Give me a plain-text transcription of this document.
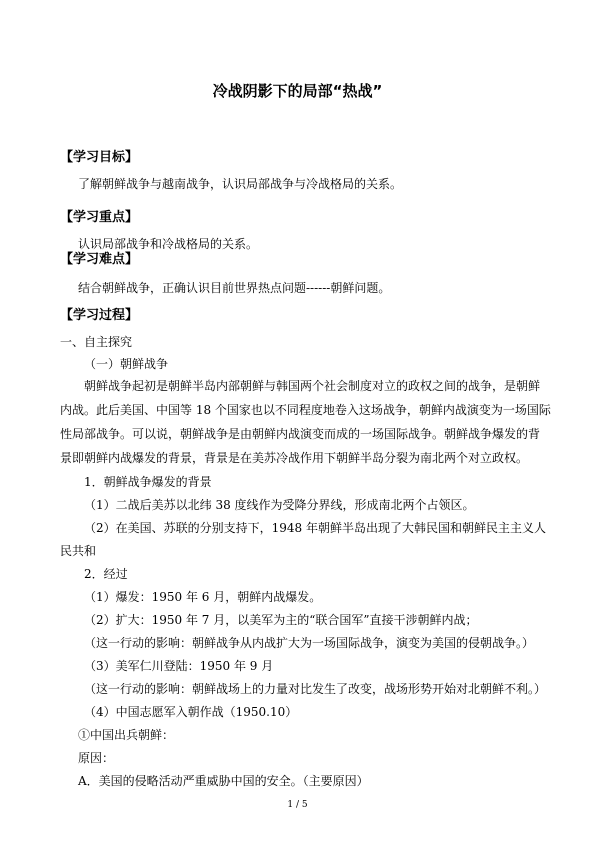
冷战阴影下的局部“热战”
【学习目标】
了解朝鲜战争与越南战争，认识局部战争与冷战格局的关系。
【学习重点】
认识局部战争和冷战格局的关系。
【学习难点】
结合朝鲜战争，正确认识目前世界热点问题------朝鲜问题。
【学习过程】
一、自主探究
（一）朝鲜战争
朝鲜战争起初是朝鲜半岛内部朝鲜与韩国两个社会制度对立的政权之间的战争，是朝鲜
内战。此后美国、中国等 18 个国家也以不同程度地卷入这场战争，朝鲜内战演变为一场国际
性局部战争。可以说，朝鲜战争是由朝鲜内战演变而成的一场国际战争。朝鲜战争爆发的背
景即朝鲜内战爆发的背景，背景是在美苏冷战作用下朝鲜半岛分裂为南北两个对立政权。
1．朝鲜战争爆发的背景
（1）二战后美苏以北纬 38 度线作为受降分界线，形成南北两个占领区。
（2）在美国、苏联的分别支持下，1948 年朝鲜半岛出现了大韩民国和朝鲜民主主义人
民共和
2．经过
（1）爆发：1950 年 6 月，朝鲜内战爆发。
（2）扩大：1950 年 7 月，以美军为主的“联合国军”直接干涉朝鲜内战；
（这一行动的影响：朝鲜战争从内战扩大为一场国际战争，演变为美国的侵朝战争。）
（3）美军仁川登陆：1950 年 9 月
（这一行动的影响：朝鲜战场上的力量对比发生了改变，战场形势开始对北朝鲜不利。）
（4）中国志愿军入朝作战（1950.10）
①中国出兵朝鲜：
原因：
A．美国的侵略活动严重威胁中国的安全。（主要原因）
1 / 5
